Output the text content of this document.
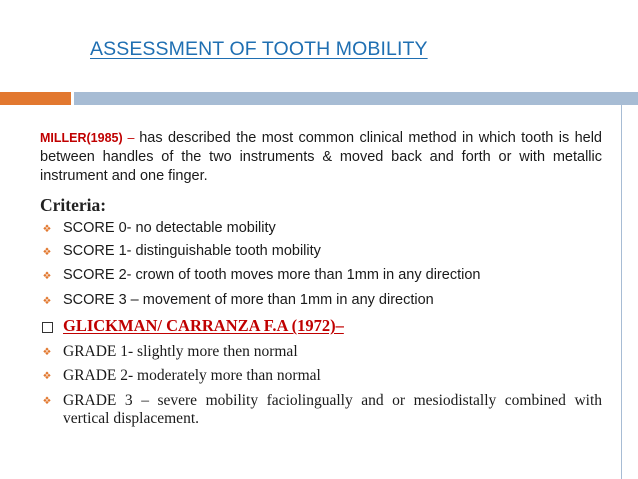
ASSESSMENT OF TOOTH MOBILITY
MILLER(1985) – has described the most common clinical method in which tooth is held between handles of the two instruments & moved back and forth or with metallic instrument and one finger.
Criteria:
❖ SCORE 0- no detectable mobility
❖ SCORE 1- distinguishable tooth mobility
❖ SCORE 2- crown of tooth moves more than 1mm in any direction
❖ SCORE 3 – movement of more than 1mm in any direction
GLICKMAN/ CARRANZA F.A (1972)–
❖ GRADE 1- slightly more then normal
❖ GRADE 2- moderately more than normal
❖ GRADE 3 – severe mobility faciolingually and or mesiodistally combined with vertical displacement.
